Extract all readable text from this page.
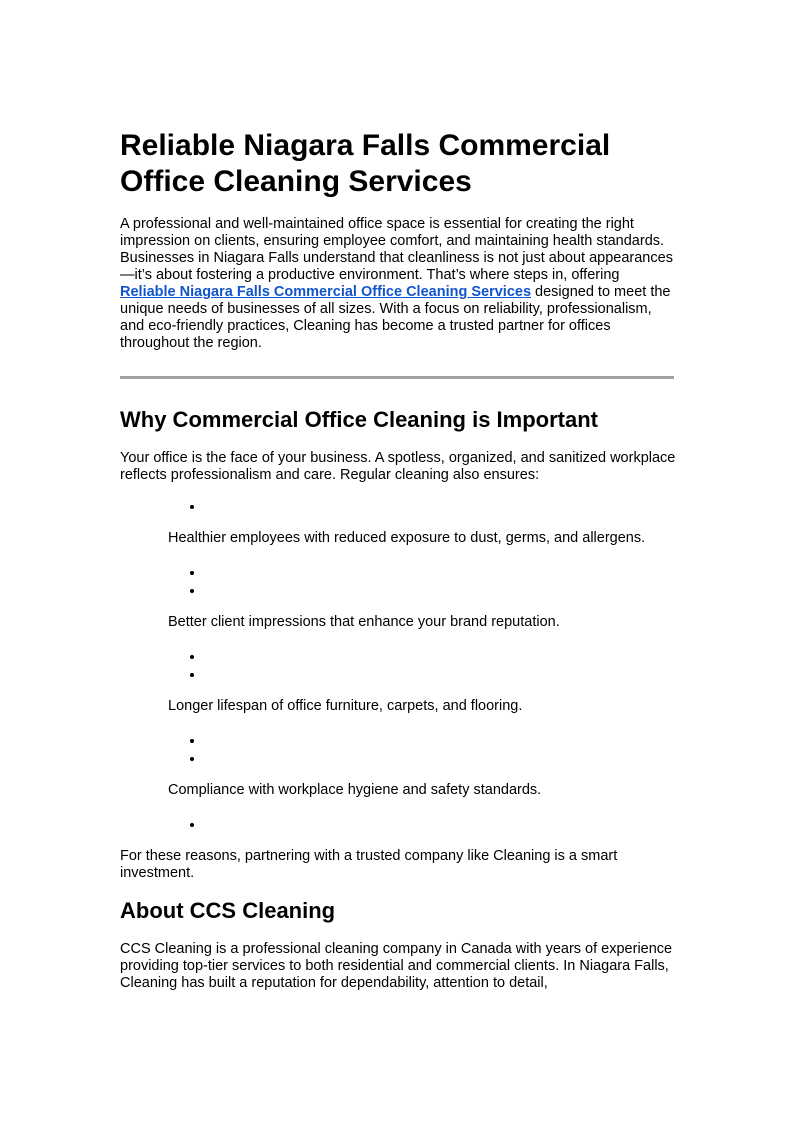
Reliable Niagara Falls Commercial Office Cleaning Services

A professional and well-maintained office space is essential for creating the right impression on clients, ensuring employee comfort, and maintaining health standards. Businesses in Niagara Falls understand that cleanliness is not just about appearances—it’s about fostering a productive environment. That’s where steps in, offering Reliable Niagara Falls Commercial Office Cleaning Services designed to meet the unique needs of businesses of all sizes. With a focus on reliability, professionalism, and eco-friendly practices, Cleaning has become a trusted partner for offices throughout the region.

Why Commercial Office Cleaning is Important

Your office is the face of your business. A spotless, organized, and sanitized workplace reflects professionalism and care. Regular cleaning also ensures:

Healthier employees with reduced exposure to dust, germs, and allergens.

Better client impressions that enhance your brand reputation.

Longer lifespan of office furniture, carpets, and flooring.

Compliance with workplace hygiene and safety standards.

For these reasons, partnering with a trusted company like Cleaning is a smart investment.

About CCS Cleaning

CCS Cleaning is a professional cleaning company in Canada with years of experience providing top-tier services to both residential and commercial clients. In Niagara Falls, Cleaning has built a reputation for dependability, attention to detail,
